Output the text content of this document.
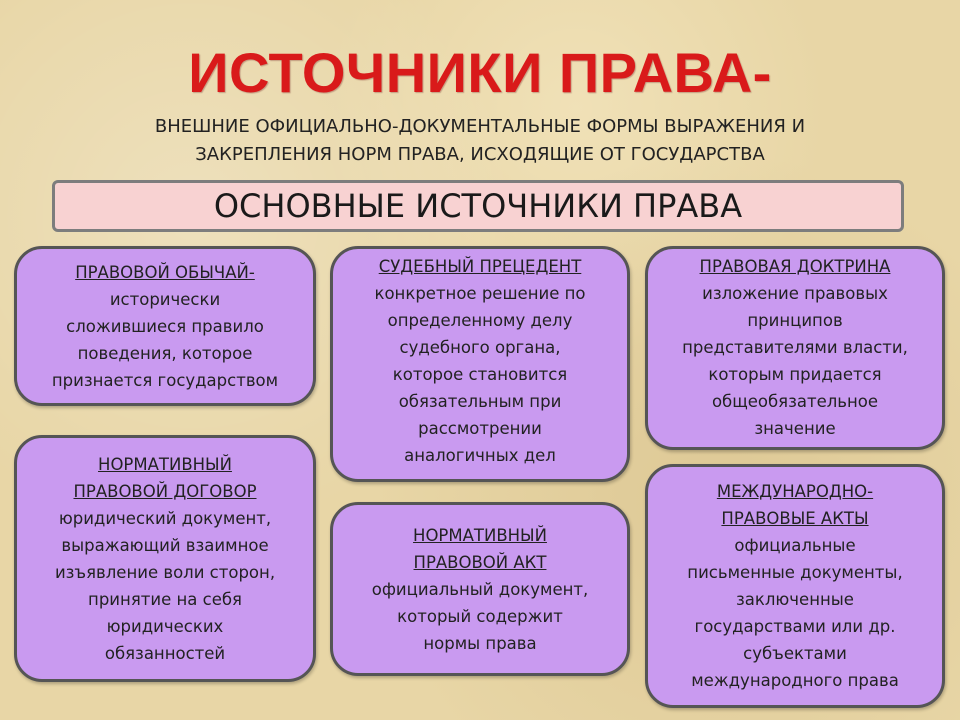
ИСТОЧНИКИ ПРАВА-
ВНЕШНИЕ ОФИЦИАЛЬНО-ДОКУМЕНТАЛЬНЫЕ ФОРМЫ ВЫРАЖЕНИЯ И
ЗАКРЕПЛЕНИЯ НОРМ ПРАВА, ИСХОДЯЩИЕ ОТ ГОСУДАРСТВА
ОСНОВНЫЕ ИСТОЧНИКИ ПРАВА
ПРАВОВОЙ ОБЫЧАЙ-
исторически
сложившиеся правило
поведения, которое
признается государством
СУДЕБНЫЙ ПРЕЦЕДЕНТ
конкретное решение по
определенному делу
судебного органа,
которое становится
обязательным при
рассмотрении
аналогичных дел
ПРАВОВАЯ ДОКТРИНА
изложение правовых
принципов
представителями власти,
которым придается
общеобязательное
значение
НОРМАТИВНЫЙ
ПРАВОВОЙ ДОГОВОР
юридический документ,
выражающий взаимное
изъявление воли сторон,
принятие на себя
юридических
обязанностей
НОРМАТИВНЫЙ
ПРАВОВОЙ АКТ
официальный документ,
который содержит
нормы права
МЕЖДУНАРОДНО-
ПРАВОВЫЕ АКТЫ
официальные
письменные документы,
заключенные
государствами или др.
субъектами
международного права
